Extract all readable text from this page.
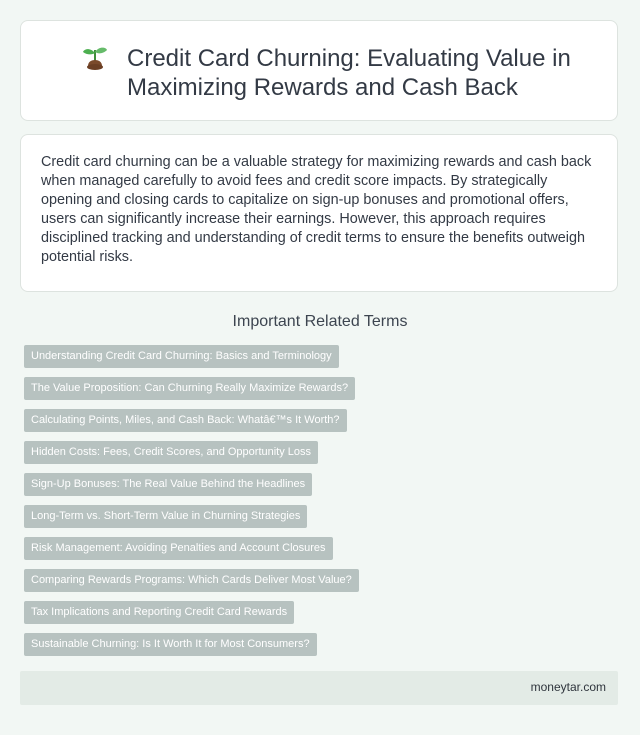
Credit Card Churning: Evaluating Value in Maximizing Rewards and Cash Back

Credit card churning can be a valuable strategy for maximizing rewards and cash back when managed carefully to avoid fees and credit score impacts. By strategically opening and closing cards to capitalize on sign-up bonuses and promotional offers, users can significantly increase their earnings. However, this approach requires disciplined tracking and understanding of credit terms to ensure the benefits outweigh potential risks.

Important Related Terms
Understanding Credit Card Churning: Basics and Terminology
The Value Proposition: Can Churning Really Maximize Rewards?
Calculating Points, Miles, and Cash Back: Whatâ€™s It Worth?
Hidden Costs: Fees, Credit Scores, and Opportunity Loss
Sign-Up Bonuses: The Real Value Behind the Headlines
Long-Term vs. Short-Term Value in Churning Strategies
Risk Management: Avoiding Penalties and Account Closures
Comparing Rewards Programs: Which Cards Deliver Most Value?
Tax Implications and Reporting Credit Card Rewards
Sustainable Churning: Is It Worth It for Most Consumers?
moneytar.com
